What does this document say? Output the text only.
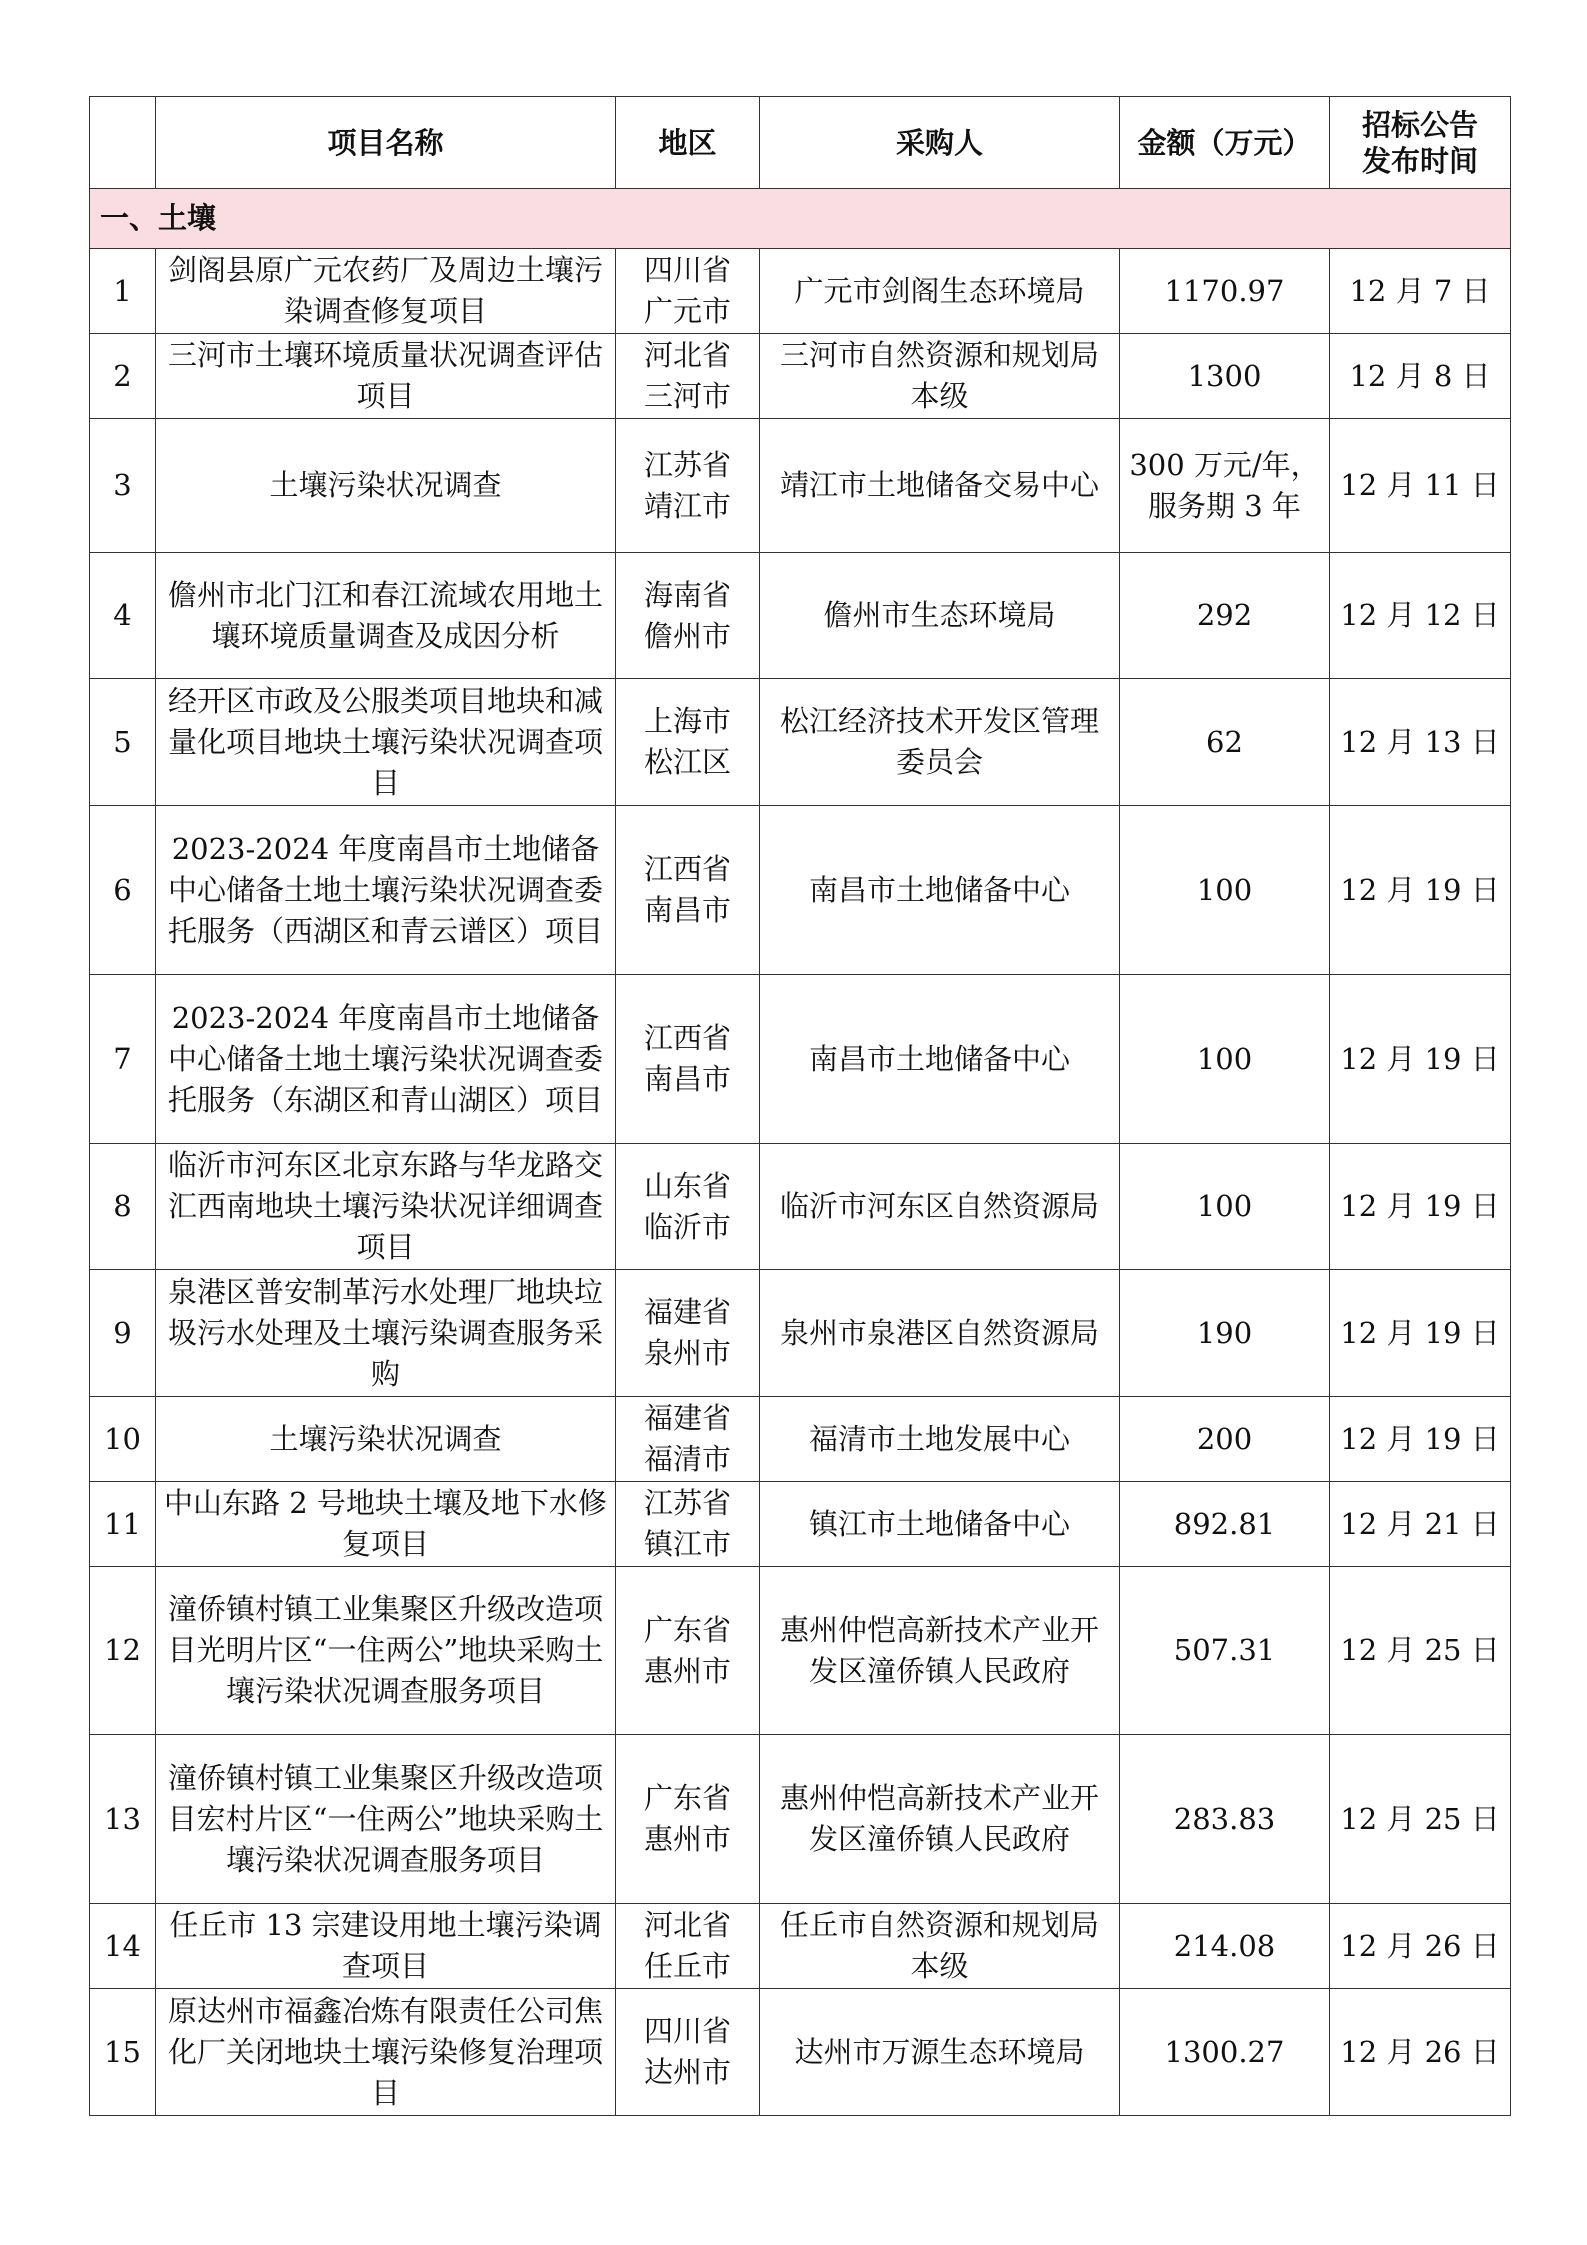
	项目名称	地区	采购人	金额（万元）	招标公告发布时间
一、土壤					
1	剑阁县原广元农药厂及周边土壤污染调查修复项目	四川省广元市	广元市剑阁生态环境局	1170.97	12 月 7 日
2	三河市土壤环境质量状况调查评估项目	河北省三河市	三河市自然资源和规划局本级	1300	12 月 8 日
3	土壤污染状况调查	江苏省靖江市	靖江市土地储备交易中心	300 万元/年，服务期 3 年	12 月 11 日
4	儋州市北门江和春江流域农用地土壤环境质量调查及成因分析	海南省儋州市	儋州市生态环境局	292	12 月 12 日
5	经开区市政及公服类项目地块和减量化项目地块土壤污染状况调查项目	上海市松江区	松江经济技术开发区管理委员会	62	12 月 13 日
6	2023-2024 年度南昌市土地储备中心储备土地土壤污染状况调查委托服务（西湖区和青云谱区）项目	江西省南昌市	南昌市土地储备中心	100	12 月 19 日
7	2023-2024 年度南昌市土地储备中心储备土地土壤污染状况调查委托服务（东湖区和青山湖区）项目	江西省南昌市	南昌市土地储备中心	100	12 月 19 日
8	临沂市河东区北京东路与华龙路交汇西南地块土壤污染状况详细调查项目	山东省临沂市	临沂市河东区自然资源局	100	12 月 19 日
9	泉港区普安制革污水处理厂地块垃圾污水处理及土壤污染调查服务采购	福建省泉州市	泉州市泉港区自然资源局	190	12 月 19 日
10	土壤污染状况调查	福建省福清市	福清市土地发展中心	200	12 月 19 日
11	中山东路 2 号地块土壤及地下水修复项目	江苏省镇江市	镇江市土地储备中心	892.81	12 月 21 日
12	潼侨镇村镇工业集聚区升级改造项目光明片区“一住两公”地块采购土壤污染状况调查服务项目	广东省惠州市	惠州仲恺高新技术产业开发区潼侨镇人民政府	507.31	12 月 25 日
13	潼侨镇村镇工业集聚区升级改造项目宏村片区“一住两公”地块采购土壤污染状况调查服务项目	广东省惠州市	惠州仲恺高新技术产业开发区潼侨镇人民政府	283.83	12 月 25 日
14	任丘市 13 宗建设用地土壤污染调查项目	河北省任丘市	任丘市自然资源和规划局本级	214.08	12 月 26 日
15	原达州市福鑫冶炼有限责任公司焦化厂关闭地块土壤污染修复治理项目	四川省达州市	达州市万源生态环境局	1300.27	12 月 26 日
